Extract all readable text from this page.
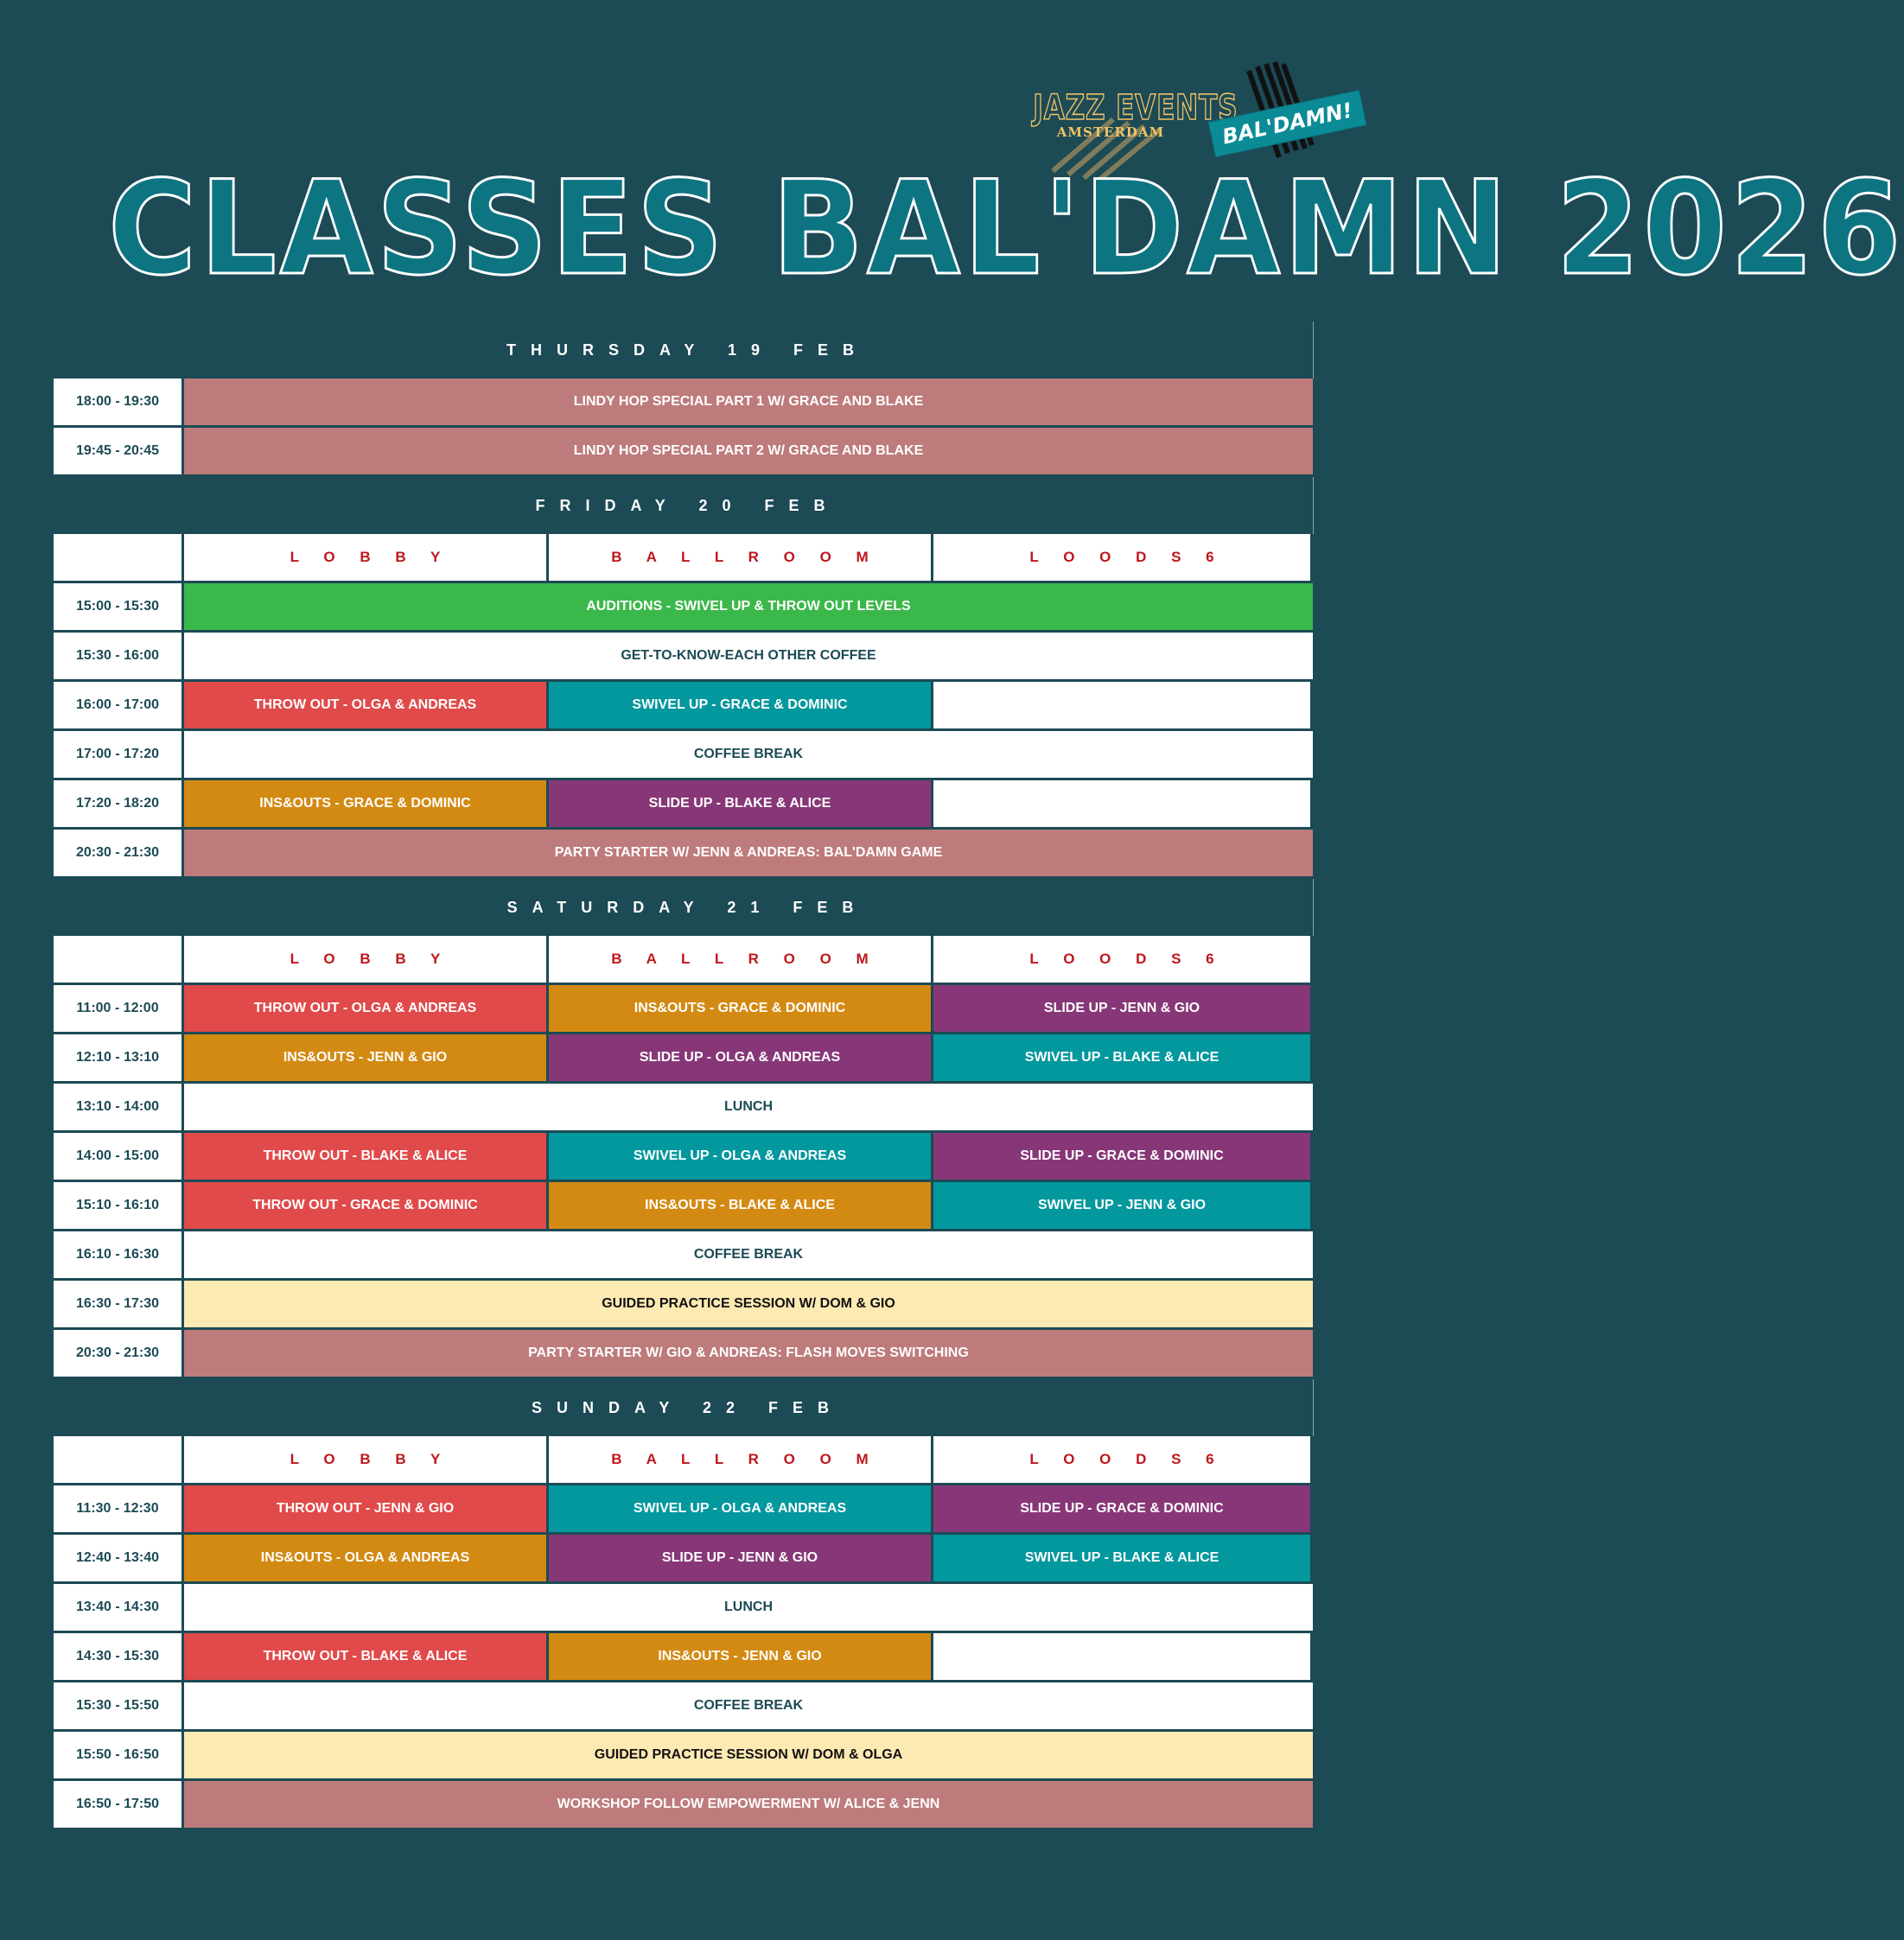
JAZZ EVENTS
AMSTERDAM	BAL'DAMN!
CLASSES BAL'DAMN 2026
THURSDAY 19 FEB
18:00 - 19:30	LINDY HOP SPECIAL PART 1 W/ GRACE AND BLAKE
19:45 - 20:45	LINDY HOP SPECIAL PART 2 W/ GRACE AND BLAKE
FRIDAY 20 FEB
L O B B Y	B A L L R O O M	L O O D S 6
15:00 - 15:30	AUDITIONS - SWIVEL UP & THROW OUT LEVELS
15:30 - 16:00	GET-TO-KNOW-EACH OTHER COFFEE
16:00 - 17:00	THROW OUT - OLGA & ANDREAS	SWIVEL UP - GRACE & DOMINIC
17:00 - 17:20	COFFEE BREAK
17:20 - 18:20	INS&OUTS - GRACE & DOMINIC	SLIDE UP - BLAKE & ALICE
20:30 - 21:30	PARTY STARTER W/ JENN & ANDREAS: BAL'DAMN GAME
SATURDAY 21 FEB
L O B B Y	B A L L R O O M	L O O D S 6
11:00 - 12:00	THROW OUT - OLGA & ANDREAS	INS&OUTS - GRACE & DOMINIC	SLIDE UP - JENN & GIO
12:10 - 13:10	INS&OUTS - JENN & GIO	SLIDE UP - OLGA & ANDREAS	SWIVEL UP - BLAKE & ALICE
13:10 - 14:00	LUNCH
14:00 - 15:00	THROW OUT - BLAKE & ALICE	SWIVEL UP - OLGA & ANDREAS	SLIDE UP - GRACE & DOMINIC
15:10 - 16:10	THROW OUT - GRACE & DOMINIC	INS&OUTS - BLAKE & ALICE	SWIVEL UP - JENN & GIO
16:10 - 16:30	COFFEE BREAK
16:30 - 17:30	GUIDED PRACTICE SESSION W/ DOM & GIO
20:30 - 21:30	PARTY STARTER W/ GIO & ANDREAS: FLASH MOVES SWITCHING
SUNDAY 22 FEB
L O B B Y	B A L L R O O M	L O O D S 6
11:30 - 12:30	THROW OUT - JENN & GIO	SWIVEL UP - OLGA & ANDREAS	SLIDE UP - GRACE & DOMINIC
12:40 - 13:40	INS&OUTS - OLGA & ANDREAS	SLIDE UP - JENN & GIO	SWIVEL UP - BLAKE & ALICE
13:40 - 14:30	LUNCH
14:30 - 15:30	THROW OUT - BLAKE & ALICE	INS&OUTS - JENN & GIO
15:30 - 15:50	COFFEE BREAK
15:50 - 16:50	GUIDED PRACTICE SESSION W/ DOM & OLGA
16:50 - 17:50	WORKSHOP FOLLOW EMPOWERMENT W/ ALICE & JENN
